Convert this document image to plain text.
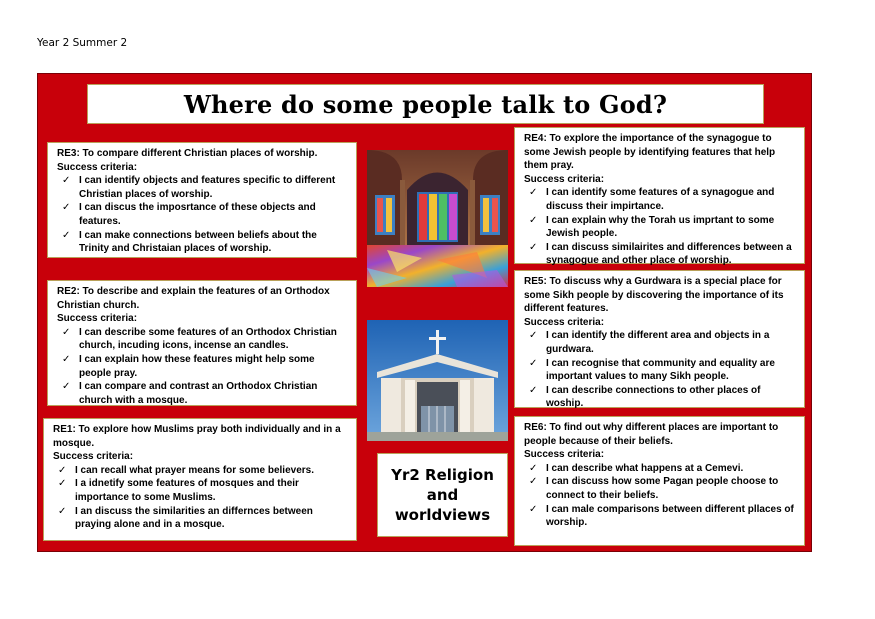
Year 2 Summer 2
Where do some people talk to God?

RE3: To compare different Christian places of worship.

Success criteria:

✓ I can identify objects and features specific to different Christian places of worship.
✓ I can discus the imposrtance of these objects and features.
✓ I can make connections between beliefs about the Trinity and Christaian places of worship.

RE2: To describe and explain the features of an Orthodox Christian church.

Success criteria:

✓ I can describe some features of an Orthodox Christian church, incuding icons, incense an candles.
✓ I can explain how these features might help some people pray.
✓ I can compare and contrast an Orthodox Christian church with a mosque.

RE1: To explore how Muslims pray both individually and in a mosque.

Success criteria:

✓ I can recall what prayer means for some believers.
✓ I a idnetify some features of mosques and their importance to some Muslims.
✓ I an discuss the similarities an differnces between praying alone and in a mosque.

RE4: To explore the importance of the synagogue to some Jewish people by identifying features that help them pray.

Success criteria:

✓ I can identify some features of a synagogue and discuss their impirtance.
✓ I can explain why the Torah us imprtant to some Jewish people.
✓ I can discuss similairites and differences between a synagogue and other place of worship.

RE5: To discuss why a Gurdwara is a special place for some Sikh people by discovering the importance of its different features.

Success criteria:

✓ I can identify the different area and objects in a gurdwara.
✓ I can recognise that community and equality are important values to many Sikh people.
✓ I can describe connections to other places of woship.

RE6: To find out why different places are important to people because of their beliefs.

Success criteria:

✓ I can describe what happens at a Cemevi.
✓ I can discuss how some Pagan people choose to connect to their beliefs.
✓ I can male comparisons between different pllaces of worship.
Yr2 Religion
and worldviews
